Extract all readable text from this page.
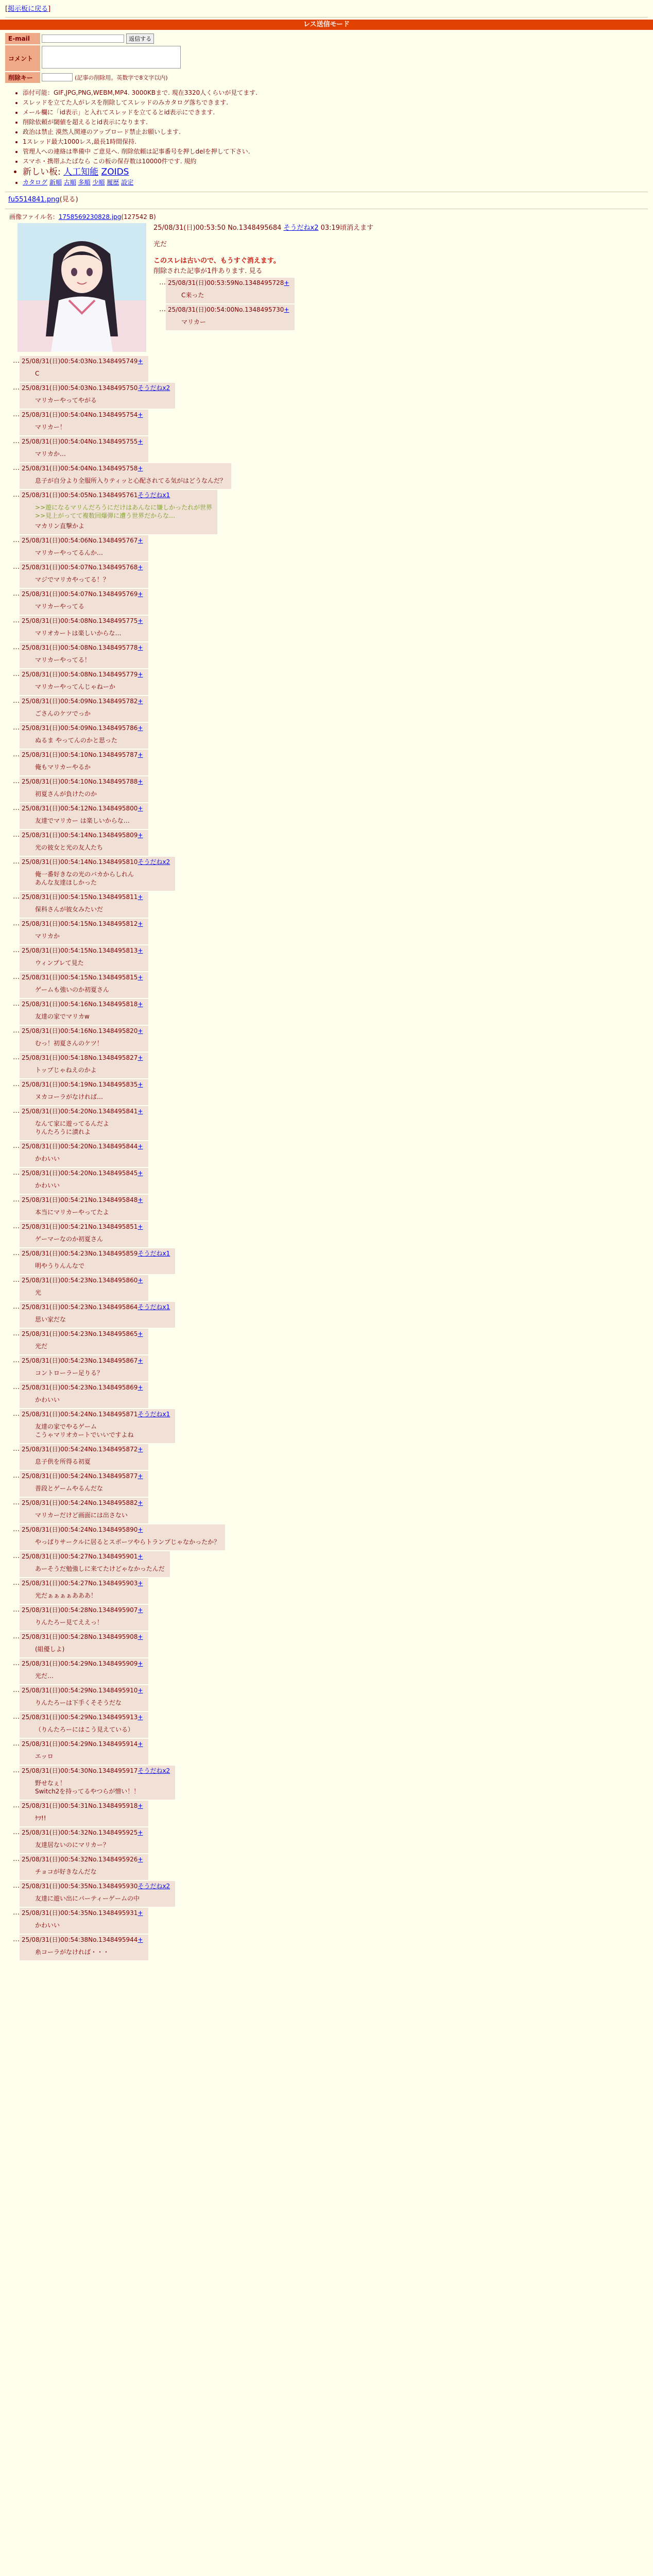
[掲示板に戻る]
レス送信モード
E-mail	返信する
コメント	
削除キー	(記事の削除用。英数字で8文字以内)
• 添付可能：GIF,JPG,PNG,WEBM,MP4. 3000KBまで. 現在3320人くらいが見てます.
• スレッドを立てた人がレスを削除してスレッドのみカタログ落ちできます.
• メール欄に「id表示」と入れてスレッドを立てるとid表示にできます.
• 削除依頼が閾値を超えるとid表示になります.
• 政治は禁止 漠然人関連のアップロード禁止お願いします.
• 1スレッド最大1000レス,最長1時間保持.
• 管理人への連絡は準備中 ご意見へ. 削除依頼は記事番号を押しdelを押して下さい.
• スマホ・携帯ふたばなら この板の保存数は10000件です. 規約
• 新しい板: 人工知能 ZOIDS
• カタログ 新順 古順 多順 少順 履歴 設定
fu5514841.png(見る)
画像ファイル名：1758569230828.jpg(127542 B)
25/08/31(日)00:53:50 No.1348495684 そうだねx2 03:19頃消えます
光だ
このスレは古いので、もうすぐ消えます。
削除された記事が1件あります. 見る
… 25/08/31(日)00:53:59No.1348495728+
C来った
… 25/08/31(日)00:54:00No.1348495730+
マリカー
… 25/08/31(日)00:54:03No.1348495749+
C
… 25/08/31(日)00:54:03No.1348495750そうだねx2
マリカーやってやがる
… 25/08/31(日)00:54:04No.1348495754+
マリカー！
… 25/08/31(日)00:54:04No.1348495755+
マリカか…
… 25/08/31(日)00:54:04No.1348495758+
息子が自分より全服所入りティッと心配されてる気がはどうなんだ？
… 25/08/31(日)00:54:05No.1348495761そうだねx1
>>遊になるマリんだろうにだけはあんなに嫌しかったれが世界
>>見上がってて複数回爆弾に遭う世界だからな…
マカリン直撃かよ
… 25/08/31(日)00:54:06No.1348495767+
マリカーやってるんか…
… 25/08/31(日)00:54:07No.1348495768+
マジでマリカやってる！？
… 25/08/31(日)00:54:07No.1348495769+
マリカーやってる
… 25/08/31(日)00:54:08No.1348495775+
マリオカートは楽しいからな…
… 25/08/31(日)00:54:08No.1348495778+
マリカーやってる！
… 25/08/31(日)00:54:08No.1348495779+
マリカーやってんじゃねーか
… 25/08/31(日)00:54:09No.1348495782+
ごさんのケツでっか
… 25/08/31(日)00:54:09No.1348495786+
ぬるま やってんのかと思った
… 25/08/31(日)00:54:10No.1348495787+
俺もマリカーやるか
… 25/08/31(日)00:54:10No.1348495788+
初夏さんが負けたのか
… 25/08/31(日)00:54:12No.1348495800+
友達でマリカー は楽しいからな…
… 25/08/31(日)00:54:14No.1348495809+
光の彼女と光の友人たち
… 25/08/31(日)00:54:14No.1348495810そうだねx2
俺一番好きなの光のバカからしれん
あんな友達ほしかった
… 25/08/31(日)00:54:15No.1348495811+
保科さんが彼女みたいだ
… 25/08/31(日)00:54:15No.1348495812+
マリカか
… 25/08/31(日)00:54:15No.1348495813+
ウィンプレて見た
… 25/08/31(日)00:54:15No.1348495815+
ゲームも強いのか初夏さん
… 25/08/31(日)00:54:16No.1348495818+
友達の家でマリカw
… 25/08/31(日)00:54:16No.1348495820+
むっ！初夏さんのケツ！
… 25/08/31(日)00:54:18No.1348495827+
トップじゃねえのかよ
… 25/08/31(日)00:54:19No.1348495835+
ヌカコーラがなければ…
… 25/08/31(日)00:54:20No.1348495841+
なんて家に遊ってるんだよ
りんたろうに漬れよ
… 25/08/31(日)00:54:20No.1348495844+
かわいい
… 25/08/31(日)00:54:20No.1348495845+
かわいい
… 25/08/31(日)00:54:21No.1348495848+
本当にマリカーやってたよ
… 25/08/31(日)00:54:21No.1348495851+
ゲーマーなのか初夏さん
… 25/08/31(日)00:54:23No.1348495859そうだねx1
明やうりんんなで
… 25/08/31(日)00:54:23No.1348495860+
光
… 25/08/31(日)00:54:23No.1348495864そうだねx1
思い家だな
… 25/08/31(日)00:54:23No.1348495865+
光だ
… 25/08/31(日)00:54:23No.1348495867+
コントローラー足りる？
… 25/08/31(日)00:54:23No.1348495869+
かわいい
… 25/08/31(日)00:54:24No.1348495871そうだねx1
友達の家でやるゲーム
こうゃマリオカートでいいですよね
… 25/08/31(日)00:54:24No.1348495872+
息子供を所得る初夏
… 25/08/31(日)00:54:24No.1348495877+
普段とゲームやるんだな
… 25/08/31(日)00:54:24No.1348495882+
マリカーだけど画面には出さない
… 25/08/31(日)00:54:24No.1348495890+
やっぱりサークルに居るとスポーツやらトランプじゃなかったか？
… 25/08/31(日)00:54:27No.1348495901+
あーそうだ勉強しに来てたけどゃなかったんだ
… 25/08/31(日)00:54:27No.1348495903+
光だぁぁぁぁあああ！
… 25/08/31(日)00:54:28No.1348495907+
りんたろー見てええっ！
… 25/08/31(日)00:54:28No.1348495908+
(組優しよ)
… 25/08/31(日)00:54:29No.1348495909+
光だ…
… 25/08/31(日)00:54:29No.1348495910+
りんたろーは下手くそそうだな
… 25/08/31(日)00:54:29No.1348495913+
（りんたろーにはこう見えている）
… 25/08/31(日)00:54:29No.1348495914+
エッロ
… 25/08/31(日)00:54:30No.1348495917そうだねx2
野せなぇ！
Switch2を持ってるやつらが憎い！！
… 25/08/31(日)00:54:31No.1348495918+
ｹﾂ!!
… 25/08/31(日)00:54:32No.1348495925+
友達居ないのにマリカー？
… 25/08/31(日)00:54:32No.1348495926+
チョコが好きなんだな
… 25/08/31(日)00:54:35No.1348495930そうだねx2
友達に遊い出にパーティーゲームの中
… 25/08/31(日)00:54:35No.1348495931+
かわいい
… 25/08/31(日)00:54:38No.1348495944+
糸コーラがなければ・・・
